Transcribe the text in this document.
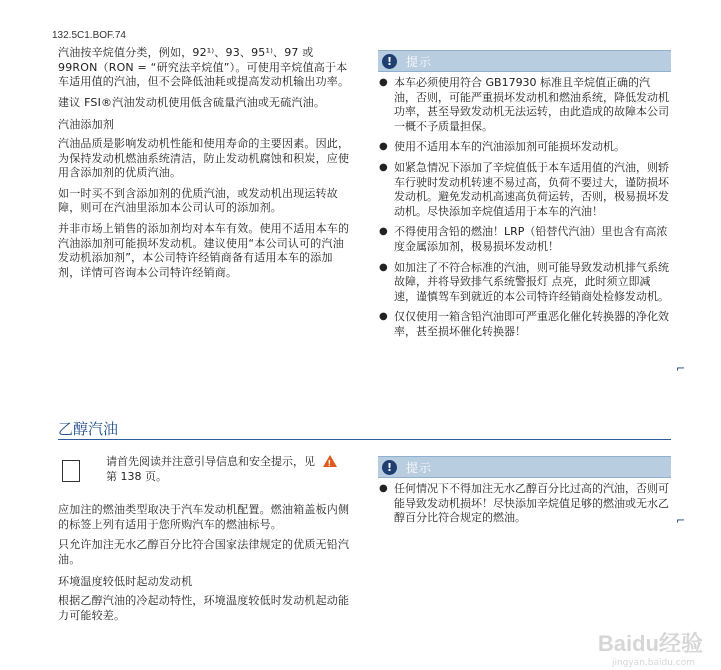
132.5C1.BOF.74

汽油按辛烷值分类，例如，92¹⁾、93、95¹⁾、97 或 99RON（RON = “研究法辛烷值”）。可使用辛烷值高于本车适用值的汽油，但不会降低油耗或提高发动机输出功率。

建议 FSI®汽油发动机使用低含硫量汽油或无硫汽油。

汽油添加剂

汽油品质是影响发动机性能和使用寿命的主要因素。因此，为保持发动机燃油系统清洁，防止发动机腐蚀和积炭，应使用含添加剂的优质汽油。

如一时买不到含添加剂的优质汽油，或发动机出现运转故障，则可在汽油里添加本公司认可的添加剂。

并非市场上销售的添加剂均对本车有效。使用不适用本车的汽油添加剂可能损坏发动机。建议使用“本公司认可的汽油发动机添加剂”，本公司特许经销商备有适用本车的添加剂，详情可咨询本公司特许经销商。

!	提示
● 本车必须使用符合 GB17930 标准且辛烷值正确的汽油，否则，可能严重损坏发动机和燃油系统，降低发动机功率，甚至导致发动机无法运转，由此造成的故障本公司一概不予质量担保。
● 使用不适用本车的汽油添加剂可能损坏发动机。
● 如紧急情况下添加了辛烷值低于本车适用值的汽油，则轿车行驶时发动机转速不易过高，负荷不要过大，谨防损坏发动机。避免发动机高速高负荷运转，否则，极易损坏发动机。尽快添加辛烷值适用于本车的汽油！
● 不得使用含铅的燃油！LRP（铅替代汽油）里也含有高浓度金属添加剂，极易损坏发动机！
● 如加注了不符合标准的汽油，则可能导致发动机排气系统故障，并将导致排气系统警报灯 点亮，此时须立即减速，谨慎驾车到就近的本公司特许经销商处检修发动机。
● 仅仅使用一箱含铅汽油即可严重恶化催化转换器的净化效率，甚至损坏催化转换器！
⌐
乙醇汽油
请首先阅读并注意引导信息和安全提示，见 ! 第 138 页。

应加注的燃油类型取决于汽车发动机配置。燃油箱盖板内侧的标签上列有适用于您所购汽车的燃油标号。

只允许加注无水乙醇百分比符合国家法律规定的优质无铅汽油。

环境温度较低时起动发动机

根据乙醇汽油的冷起动特性，环境温度较低时发动机起动能力可能较差。

!	提示
● 任何情况下不得加注无水乙醇百分比过高的汽油，否则可能导致发动机损坏！尽快添加辛烷值足够的燃油或无水乙醇百分比符合规定的燃油。	⌐
Baidu经验
jingyan.baidu.com
